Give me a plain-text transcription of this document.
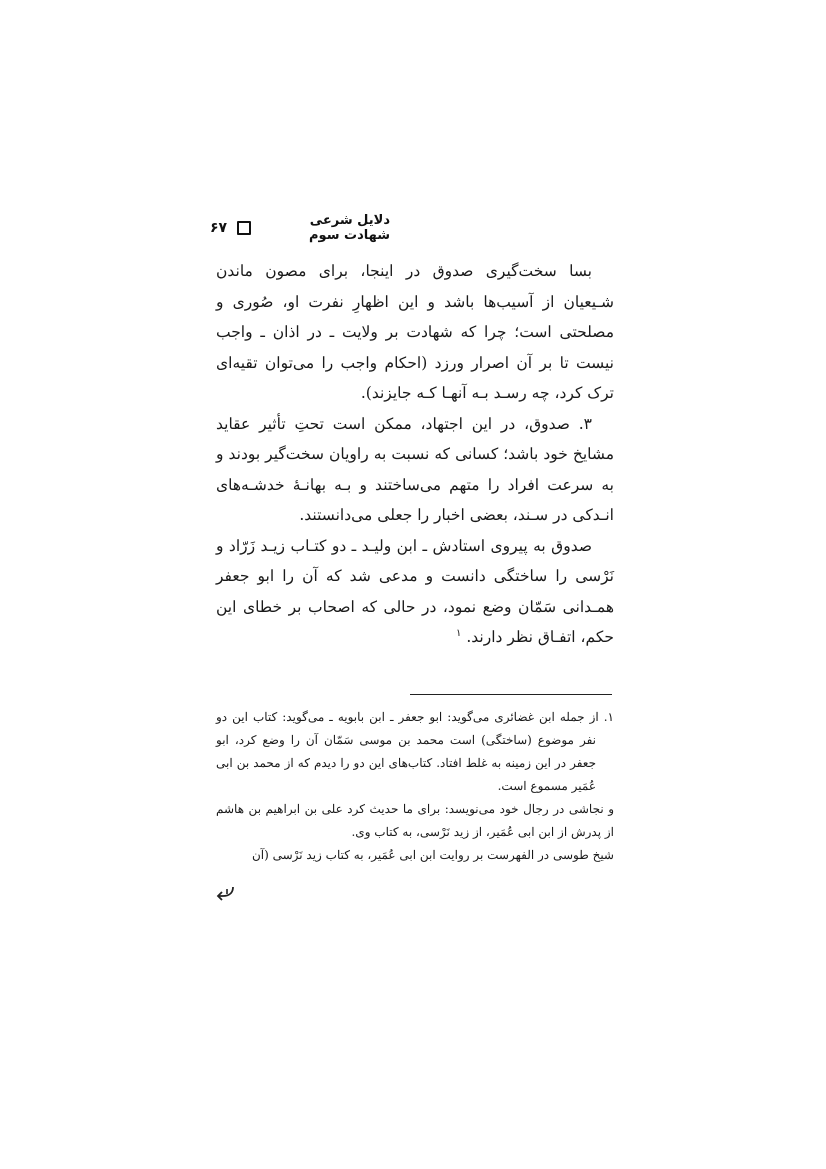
دلایل شرعی شهادت سوم
۶۷

بسا سخت‌گیری صدوق در اینجا، برای مصون ماندن شـیعیان از آسیب‌ها باشد و این اظهارِ نفرت او، صُوری و مصلحتی است؛ چرا که شهادت بر ولایت ـ در اذان ـ واجب نیست تا بر آن اصرار ورزد (احکام واجب را می‌توان تقیه‌ای ترک کرد، چه رسـد بـه آنهـا کـه جایزند).

۳. صدوق، در این اجتهاد، ممکن است تحتِ تأثیر عقاید مشایخ خود باشد؛ کسانی که نسبت به راویان سخت‌گیر بودند و به سرعت افراد را متهم می‌ساختند و بـه بهانـۀ خدشـه‌های انـدکی در سـند، بعضی اخبار را جعلی می‌دانستند.

صدوق به پیروی استادش ـ ابن ولیـد ـ دو کتـاب زیـد زَرّاد و نَرْسی را ساختگی دانست و مدعی شد که آن را ابو جعفر همـدانی سَمّان وضع نمود، در حالی که اصحاب بر خطای این حکم، اتفـاق نظر دارند. $^۱$

۱. از جمله ابن غضائری می‌گوید: ابو جعفر ـ ابن بابویه ـ می‌گوید: کتاب این دو نفر موضوع (ساختگی) است محمد بن موسی سَمّان آن را وضع کرد، ابو جعفر در این زمینه به غلط افتاد. کتاب‌های این دو را دیدم که از محمد بن ابی عُمَیر مسموع است.

و نجاشی در رجال خود می‌نویسد: برای ما حدیث کرد علی بن ابراهیم بن هاشم از پدرش از ابن ابی عُمَیر، از زید نَرْسی، به کتاب وی.

شیخ طوسی در الفهرست بر روایت ابن ابی عُمَیر، به کتاب زید نَرْسی (آن
